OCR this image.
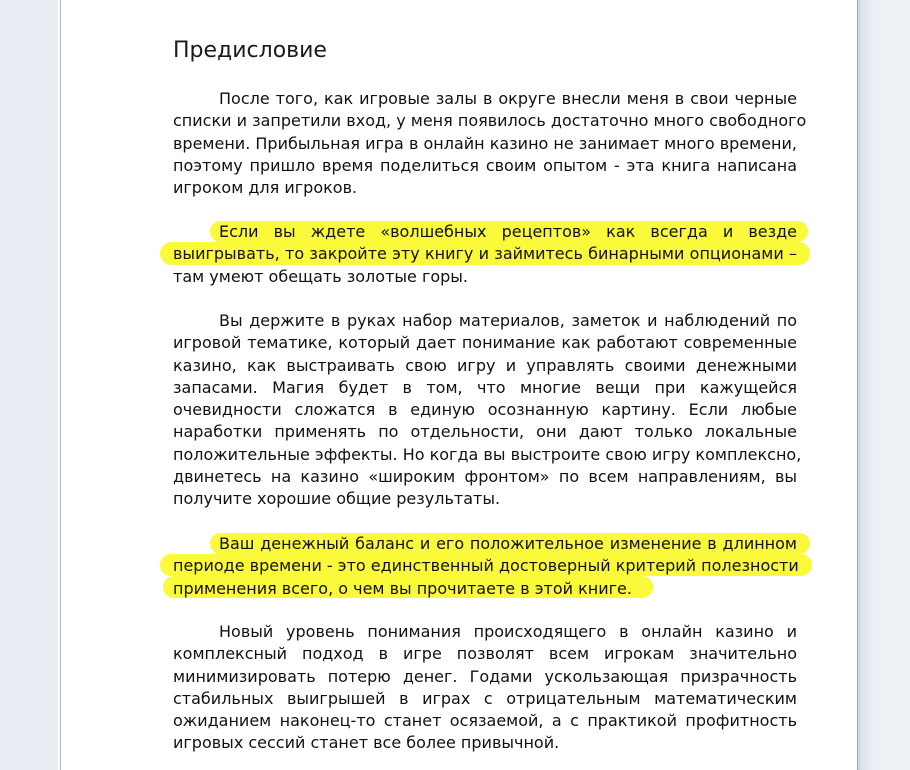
Предисловие
После того, как игровые залы в округе внесли меня в свои черные
списки и запретили вход, у меня появилось достаточно много свободного
времени. Прибыльная игра в онлайн казино не занимает много времени,
поэтому пришло время поделиться своим опытом - эта книга написана
игроком для игроков.
Если вы ждете «волшебных рецептов» как всегда и везде
выигрывать, то закройте эту книгу и займитесь бинарными опционами –
там умеют обещать золотые горы.
Вы держите в руках набор материалов, заметок и наблюдений по
игровой тематике, который дает понимание как работают современные
казино, как выстраивать свою игру и управлять своими денежными
запасами. Магия будет в том, что многие вещи при кажущейся
очевидности сложатся в единую осознанную картину. Если любые
наработки применять по отдельности, они дают только локальные
положительные эффекты. Но когда вы выстроите свою игру комплексно,
двинетесь на казино «широким фронтом» по всем направлениям, вы
получите хорошие общие результаты.
Ваш денежный баланс и его положительное изменение в длинном
периоде времени - это единственный достоверный критерий полезности
применения всего, о чем вы прочитаете в этой книге.
Новый уровень понимания происходящего в онлайн казино и
комплексный подход в игре позволят всем игрокам значительно
минимизировать потерю денег. Годами ускользающая призрачность
стабильных выигрышей в играх с отрицательным математическим
ожиданием наконец-то станет осязаемой, а с практикой профитность
игровых сессий станет все более привычной.
